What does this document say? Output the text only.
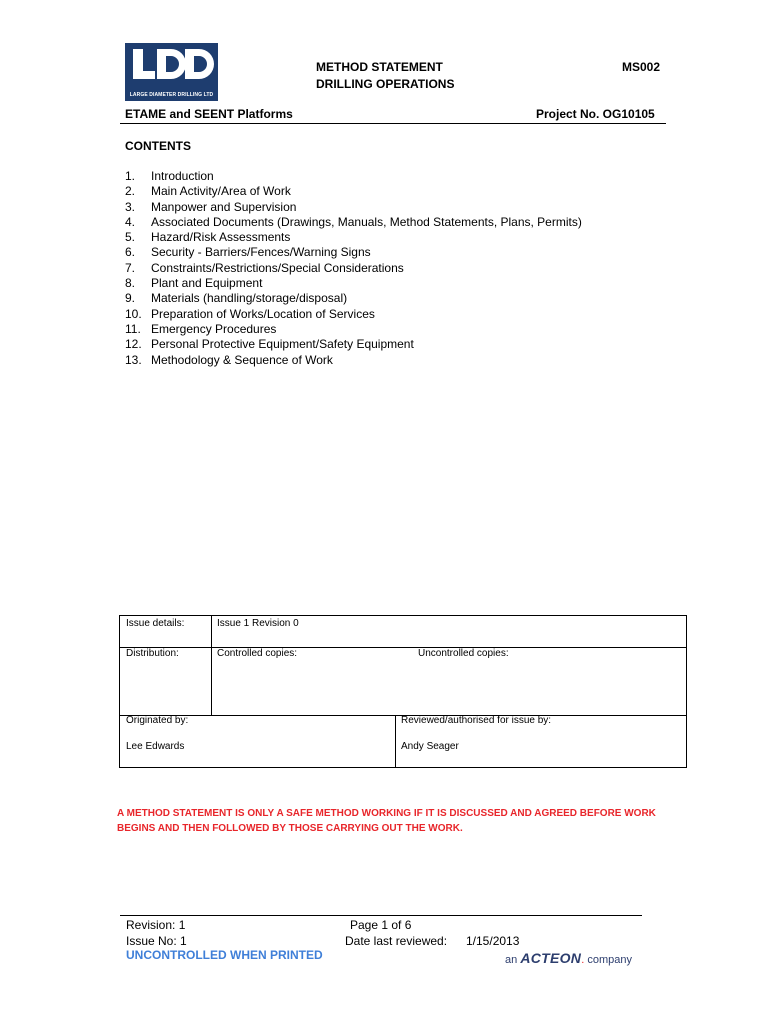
LARGE DIAMETER DRILLING LTD
METHOD STATEMENT
DRILLING OPERATIONS
MS002
ETAME and SEENT Platforms	Project No. OG10105
CONTENTS
1. Introduction
2. Main Activity/Area of Work
3. Manpower and Supervision
4. Associated Documents (Drawings, Manuals, Method Statements, Plans, Permits)
5. Hazard/Risk Assessments
6. Security - Barriers/Fences/Warning Signs
7. Constraints/Restrictions/Special Considerations
8. Plant and Equipment
9. Materials (handling/storage/disposal)
10. Preparation of Works/Location of Services
11. Emergency Procedures
12. Personal Protective Equipment/Safety Equipment
13. Methodology & Sequence of Work
Issue details:	Issue 1 Revision 0
Distribution:	Controlled copies:	Uncontrolled copies:
Originated by:
Lee Edwards
Reviewed/authorised for issue by:
Andy Seager
A METHOD STATEMENT IS ONLY A SAFE METHOD WORKING IF IT IS DISCUSSED AND AGREED BEFORE WORK BEGINS AND THEN FOLLOWED BY THOSE CARRYING OUT THE WORK.
Revision: 1
Issue No: 1
Page 1 of 6
Date last reviewed: 1/15/2013
UNCONTROLLED WHEN PRINTED	an ACTEON. company
